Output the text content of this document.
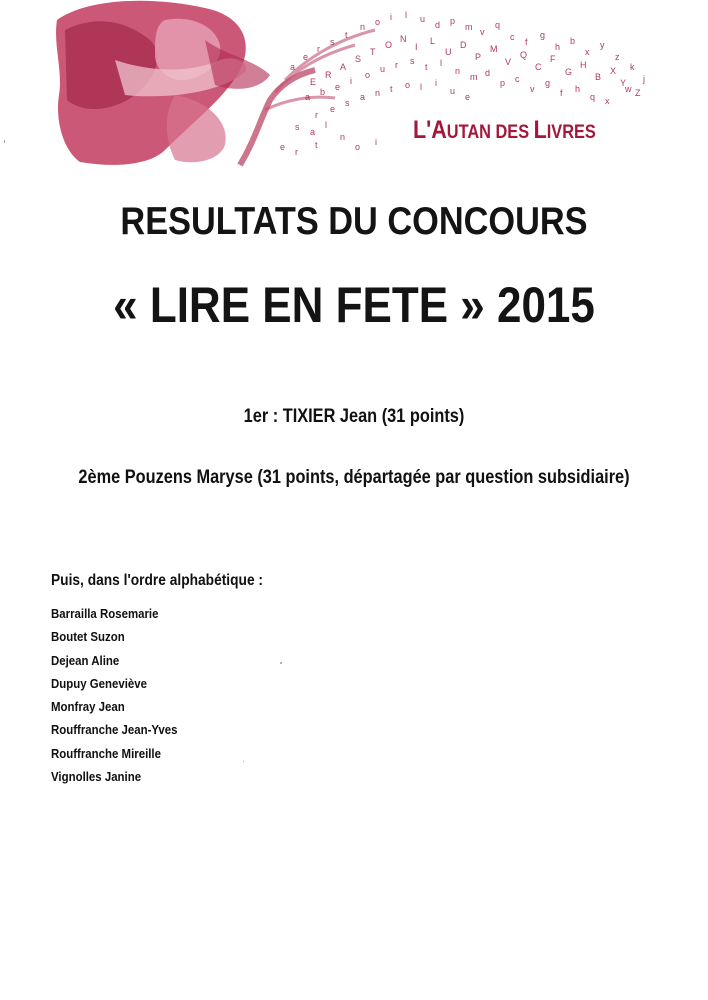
a
e
r
s
t
n o i l u
d p
m v
q
c f
g
h
b
x
y
z
k
j
w
E
R
A
S
T
O
N
I
L
U
D
P
M
V
Q
C
F
G
H
B
X
Y
Z
a b e
i
o
u r s
t l
n
m d
p c
v
g
f h
q x
r
e
s
a n t o l i
u
e
s a
l
e r
t
n
o i L'AUTAN DES LIVRES
RESULTATS DU CONCOURS
« LIRE EN FETE » 2015
1er : TIXIER Jean (31 points)
2ème Pouzens Maryse (31 points, départagée par question subsidiaire)
Puis, dans l'ordre alphabétique :
Barrailla Rosemarie
Boutet Suzon
Dejean Aline
Dupuy Geneviève
Monfray Jean
Rouffranche Jean-Yves
Rouffranche Mireille
Vignolles Janine
